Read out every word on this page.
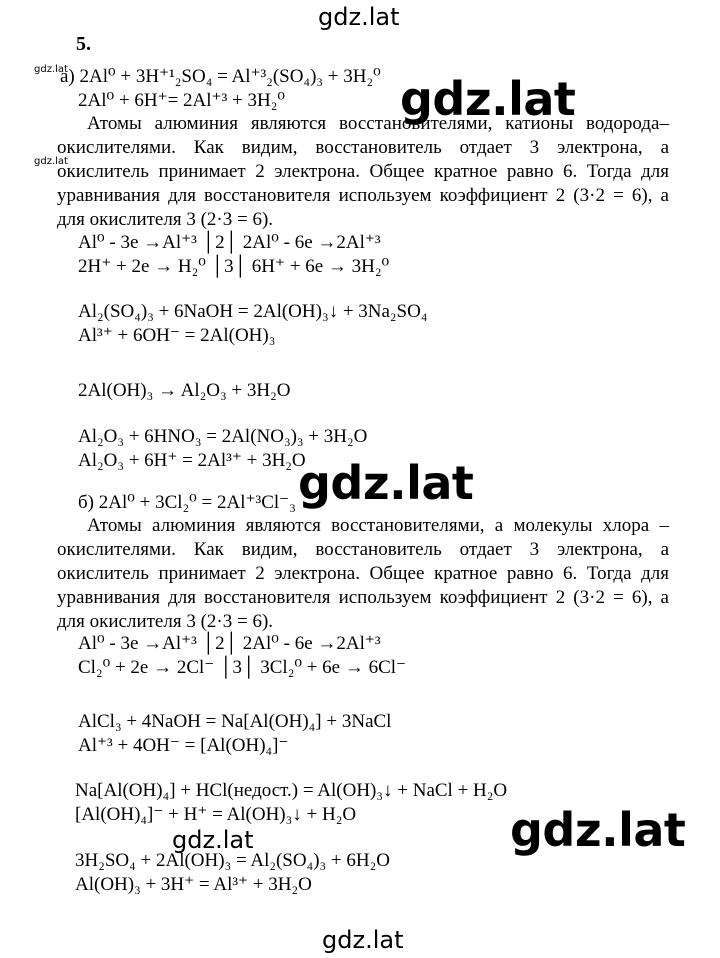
gdz.lat
gdz.lat
gdz.lat
5.
а) 2Al⁰ + 3H⁺¹₂SO₄ = Al⁺³₂(SO₄)₃ + 3H₂⁰
2Al⁰ + 6H⁺= 2Al⁺³ + 3H₂⁰	gdz.lat
Атомы алюминия являются восстановителями, катионы водорода–окислителями. Как видим, восстановитель отдает 3 электрона, а окислитель принимает 2 электрона. Общее кратное равно 6. Тогда для уравнивания для восстановителя используем коэффициент 2 (3·2 = 6), а для окислителя 3 (2·3 = 6).
Al⁰ - 3e →Al⁺³ │2│ 2Al⁰ - 6e →2Al⁺³
2H⁺ + 2e → H₂⁰ │3│ 6H⁺ + 6e → 3H₂⁰
Al₂(SO₄)₃ + 6NaOH = 2Al(OH)₃↓ + 3Na₂SO₄
Al³⁺ + 6OH⁻ = 2Al(OH)₃
2Al(OH)₃ → Al₂O₃ + 3H₂O
Al₂O₃ + 6HNO₃ = 2Al(NO₃)₃ + 3H₂O
Al₂O₃ + 6H⁺ = 2Al³⁺ + 3H₂O
gdz.lat
б) 2Al⁰ + 3Cl₂⁰ = 2Al⁺³Cl⁻₃
Атомы алюминия являются восстановителями, а молекулы хлора – окислителями. Как видим, восстановитель отдает 3 электрона, а окислитель принимает 2 электрона. Общее кратное равно 6. Тогда для уравнивания для восстановителя используем коэффициент 2 (3·2 = 6), а для окислителя 3 (2·3 = 6).
Al⁰ - 3e →Al⁺³ │2│ 2Al⁰ - 6e →2Al⁺³
Cl₂⁰ + 2e → 2Cl⁻ │3│ 3Cl₂⁰ + 6e → 6Cl⁻
AlCl₃ + 4NaOH = Na[Al(OH)₄] + 3NaCl
Al⁺³ + 4OH⁻ = [Al(OH)₄]⁻
Na[Al(OH)₄] + HCl(недост.) = Al(OH)₃↓ + NaCl + H₂O
[Al(OH)₄]⁻ + H⁺ = Al(OH)₃↓ + H₂O
gdz.lat	gdz.lat
3H₂SO₄ + 2Al(OH)₃ = Al₂(SO₄)₃ + 6H₂O
Al(OH)₃ + 3H⁺ = Al³⁺ + 3H₂O
gdz.lat
